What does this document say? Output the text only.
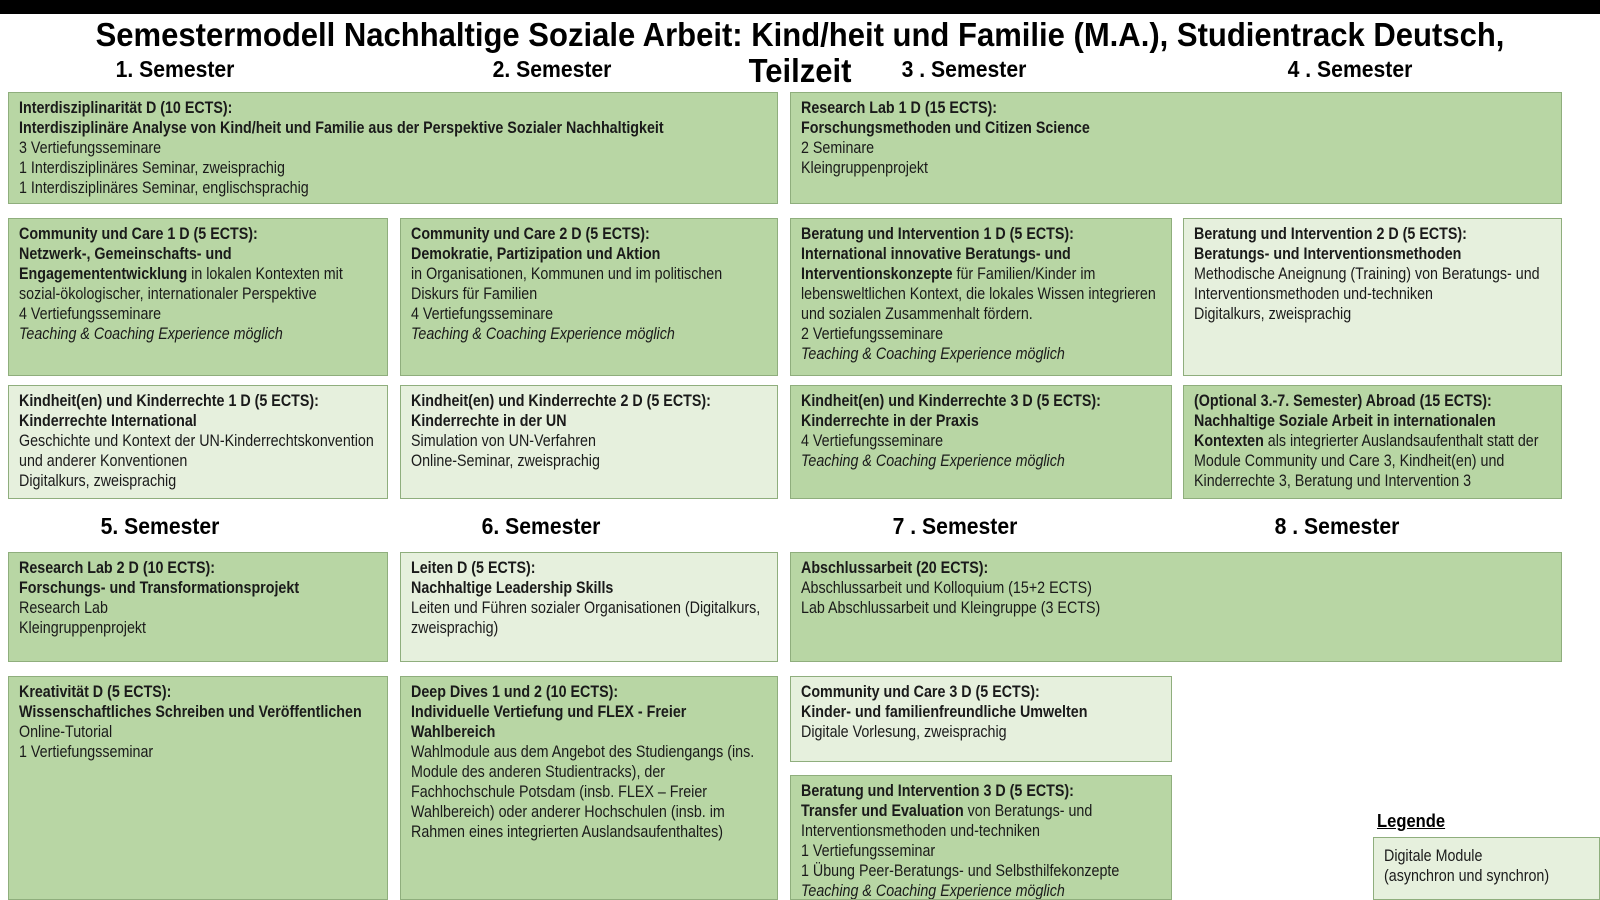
Semestermodell Nachhaltige Soziale Arbeit: Kind/heit und Familie (M.A.), Studientrack Deutsch, Teilzeit
1. Semester	2. Semester	3 . Semester	4 . Semester
Interdisziplinarität D (10 ECTS):
Interdisziplinäre Analyse von Kind/heit und Familie aus der Perspektive Sozialer Nachhaltigkeit
3 Vertiefungsseminare
1 Interdisziplinäres Seminar, zweisprachig
1 Interdisziplinäres Seminar, englischsprachig
Research Lab 1 D (15 ECTS):
Forschungsmethoden und Citizen Science
2 Seminare
Kleingruppenprojekt
Community und Care 1 D (5 ECTS):
Netzwerk-, Gemeinschafts- und Engagemententwicklung in lokalen Kontexten mit sozial-ökologischer, internationaler Perspektive
4 Vertiefungsseminare
Teaching & Coaching Experience möglich
Community und Care 2 D (5 ECTS):
Demokratie, Partizipation und Aktion
in Organisationen, Kommunen und im politischen Diskurs für Familien
4 Vertiefungsseminare
Teaching & Coaching Experience möglich
Beratung und Intervention 1 D (5 ECTS):
International innovative Beratungs- und Interventionskonzepte für Familien/Kinder im lebensweltlichen Kontext, die lokales Wissen integrieren und sozialen Zusammenhalt fördern.
2 Vertiefungsseminare
Teaching & Coaching Experience möglich
Beratung und Intervention 2 D (5 ECTS):
Beratungs- und Interventionsmethoden
Methodische Aneignung (Training) von Beratungs- und Interventionsmethoden und-techniken
Digitalkurs, zweisprachig
Kindheit(en) und Kinderrechte 1 D (5 ECTS):
Kinderrechte International
Geschichte und Kontext der UN-Kinderrechtskonvention und anderer Konventionen
Digitalkurs, zweisprachig
Kindheit(en) und Kinderrechte 2 D (5 ECTS):
Kinderrechte in der UN
Simulation von UN-Verfahren
Online-Seminar, zweisprachig
Kindheit(en) und Kinderrechte 3 D (5 ECTS):
Kinderrechte in der Praxis
4 Vertiefungsseminare
Teaching & Coaching Experience möglich
(Optional 3.-7. Semester) Abroad (15 ECTS):
Nachhaltige Soziale Arbeit in internationalen Kontexten als integrierter Auslandsaufenthalt statt der Module Community und Care 3, Kindheit(en) und Kinderrechte 3, Beratung und Intervention 3
5. Semester	6. Semester	7 . Semester	8 . Semester
Research Lab 2 D (10 ECTS):
Forschungs- und Transformationsprojekt
Research Lab
Kleingruppenprojekt
Leiten D (5 ECTS):
Nachhaltige Leadership Skills
Leiten und Führen sozialer Organisationen (Digitalkurs, zweisprachig)
Abschlussarbeit (20 ECTS):
Abschlussarbeit und Kolloquium (15+2 ECTS)
Lab Abschlussarbeit und Kleingruppe (3 ECTS)
Kreativität D (5 ECTS):
Wissenschaftliches Schreiben und Veröffentlichen
Online-Tutorial
1 Vertiefungsseminar
Deep Dives 1 und 2 (10 ECTS):
Individuelle Vertiefung und FLEX - Freier Wahlbereich
Wahlmodule aus dem Angebot des Studiengangs (ins. Module des anderen Studientracks), der Fachhochschule Potsdam (insb. FLEX – Freier Wahlbereich) oder anderer Hochschulen (insb. im Rahmen eines integrierten Auslandsaufenthaltes)
Community und Care 3 D (5 ECTS):
Kinder- und familienfreundliche Umwelten
Digitale Vorlesung, zweisprachig
Beratung und Intervention 3 D (5 ECTS):
Transfer und Evaluation von Beratungs- und Interventionsmethoden und-techniken
1 Vertiefungsseminar
1 Übung Peer-Beratungs- und Selbsthilfekonzepte
Teaching & Coaching Experience möglich
Legende
Digitale Module
(asynchron und synchron)
